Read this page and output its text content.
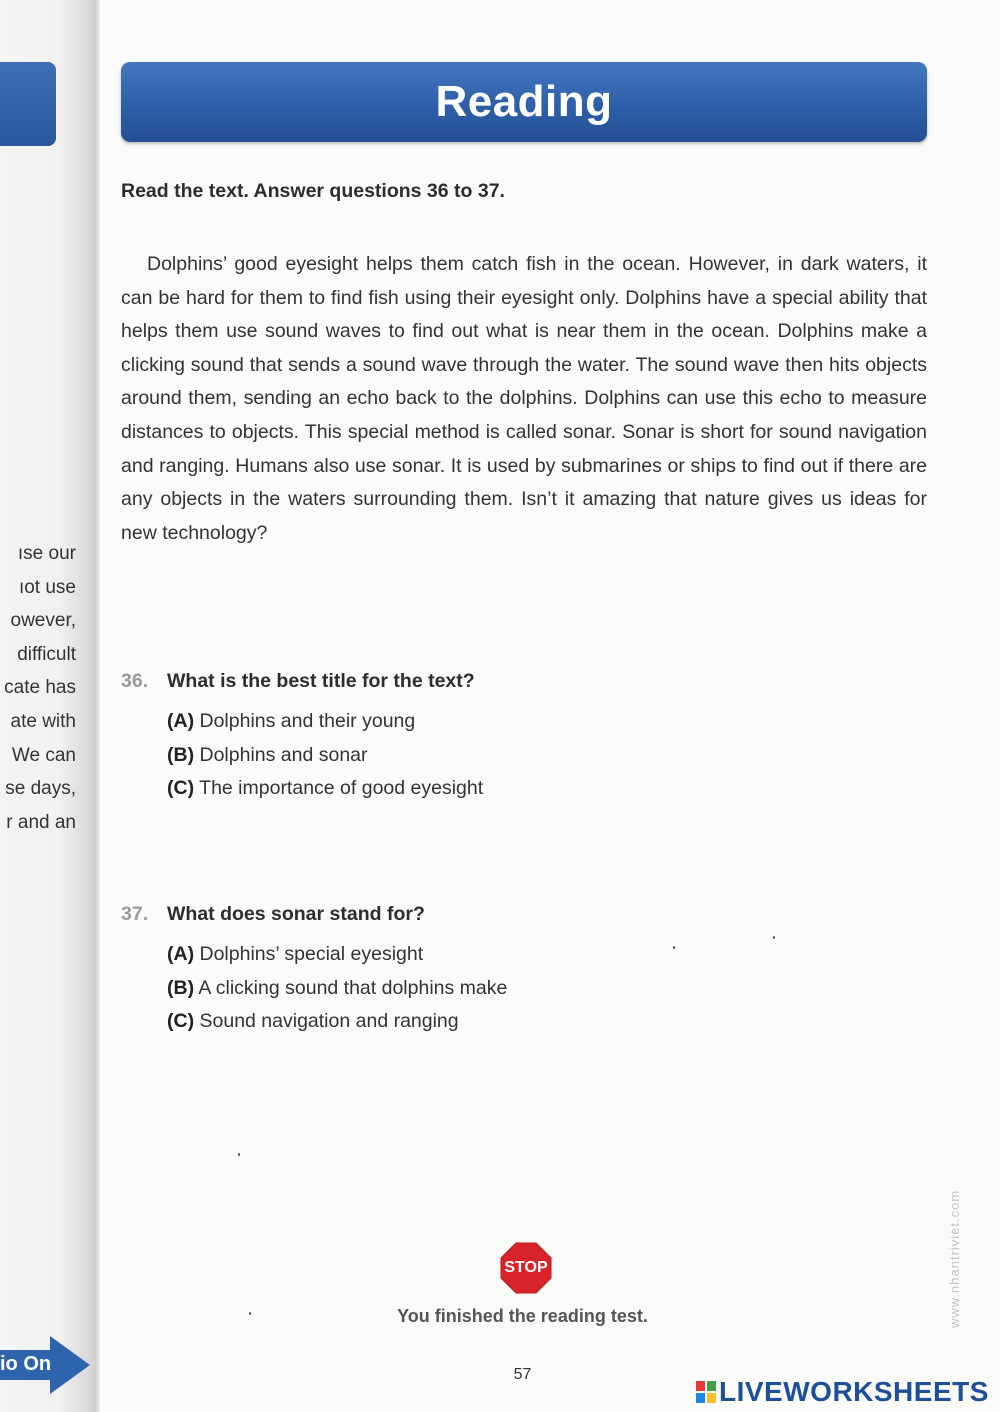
ıse our
ıot use
owever,
difficult
cate has
ate with
We can
se days,
r and an
io On
Reading
Read the text. Answer questions 36 to 37.

Dolphins’ good eyesight helps them catch fish in the ocean. However, in dark waters, it can be hard for them to find fish using their eyesight only. Dolphins have a special ability that helps them use sound waves to find out what is near them in the ocean. Dolphins make a clicking sound that sends a sound wave through the water. The sound wave then hits objects around them, sending an echo back to the dolphins. Dolphins can use this echo to measure distances to objects. This special method is called sonar. Sonar is short for sound navigation and ranging. Humans also use sonar. It is used by submarines or ships to find out if there are any objects in the waters surrounding them. Isn’t it amazing that nature gives us ideas for new technology?

36. What is the best title for the text?
(A) Dolphins and their young
(B) Dolphins and sonar
(C) The importance of good eyesight
37. What does sonar stand for?
(A) Dolphins’ special eyesight
(B) A clicking sound that dolphins make
(C) Sound navigation and ranging
STOP
You finished the reading test.
57
www.nhantriviet.com
LIVEWORKSHEETS
